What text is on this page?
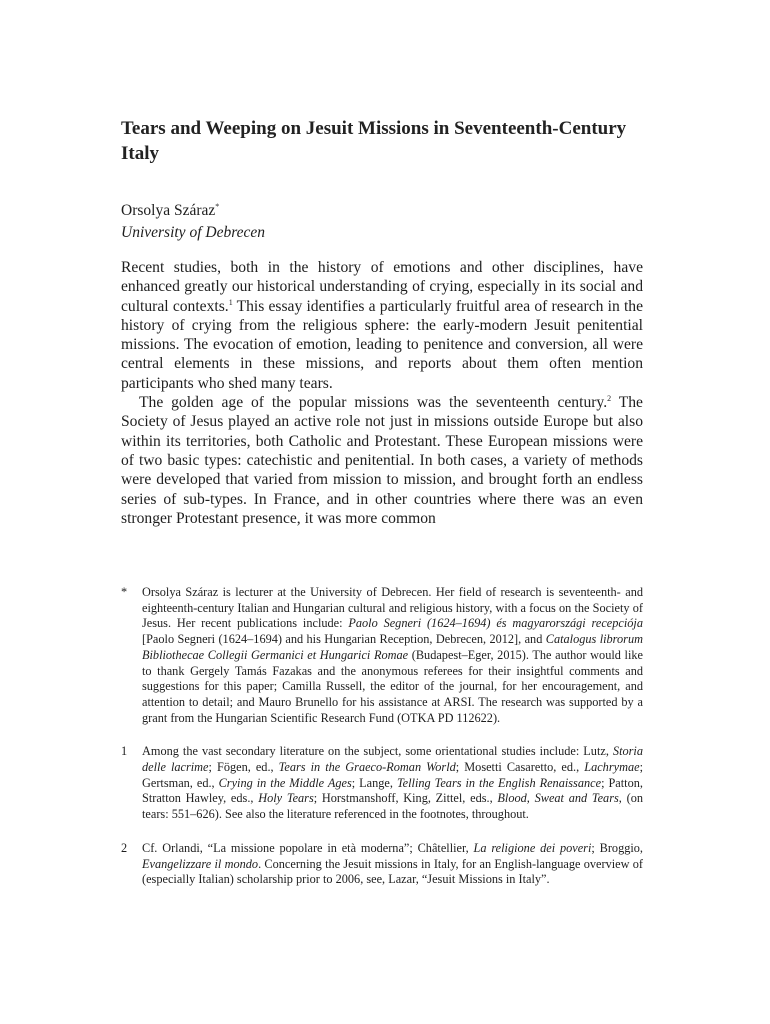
Tears and Weeping on Jesuit Missions in Seventeenth-Century Italy
Orsolya Száraz*
University of Debrecen

Recent studies, both in the history of emotions and other disciplines, have enhanced greatly our historical understanding of crying, especially in its social and cultural contexts.$^1$ This essay identifies a particularly fruitful area of research in the history of crying from the religious sphere: the early-modern Jesuit penitential missions. The evocation of emotion, leading to penitence and conversion, all were central elements in these missions, and reports about them often mention participants who shed many tears.

The golden age of the popular missions was the seventeenth century.$^2$ The Society of Jesus played an active role not just in missions outside Europe but also within its territories, both Catholic and Protestant. These European missions were of two basic types: catechistic and penitential. In both cases, a variety of methods were developed that varied from mission to mission, and brought forth an endless series of sub-types. In France, and in other countries where there was an even stronger Protestant presence, it was more common

* Orsolya Száraz is lecturer at the University of Debrecen. Her field of research is seventeenth- and eighteenth-century Italian and Hungarian cultural and religious history, with a focus on the Society of Jesus. Her recent publications include: Paolo Segneri (1624–1694) és magyarországi recepciója [Paolo Segneri (1624–1694) and his Hungarian Reception, Debrecen, 2012], and Catalogus librorum Bibliothecae Collegii Germanici et Hungarici Romae (Budapest–Eger, 2015). The author would like to thank Gergely Tamás Fazakas and the anonymous referees for their insightful comments and suggestions for this paper; Camilla Russell, the editor of the journal, for her encouragement, and attention to detail; and Mauro Brunello for his assistance at ARSI. The research was supported by a grant from the Hungarian Scientific Research Fund (OTKA PD 112622).
1 Among the vast secondary literature on the subject, some orientational studies include: Lutz, Storia delle lacrime; Fögen, ed., Tears in the Graeco-Roman World; Mosetti Casaretto, ed., Lachrymae; Gertsman, ed., Crying in the Middle Ages; Lange, Telling Tears in the English Renaissance; Patton, Stratton Hawley, eds., Holy Tears; Horstmanshoff, King, Zittel, eds., Blood, Sweat and Tears, (on tears: 551–626). See also the literature referenced in the footnotes, throughout.
2 Cf. Orlandi, “La missione popolare in età moderna”; Châtellier, La religione dei poveri; Broggio, Evangelizzare il mondo. Concerning the Jesuit missions in Italy, for an English-language overview of (especially Italian) scholarship prior to 2006, see, Lazar, “Jesuit Missions in Italy”.
